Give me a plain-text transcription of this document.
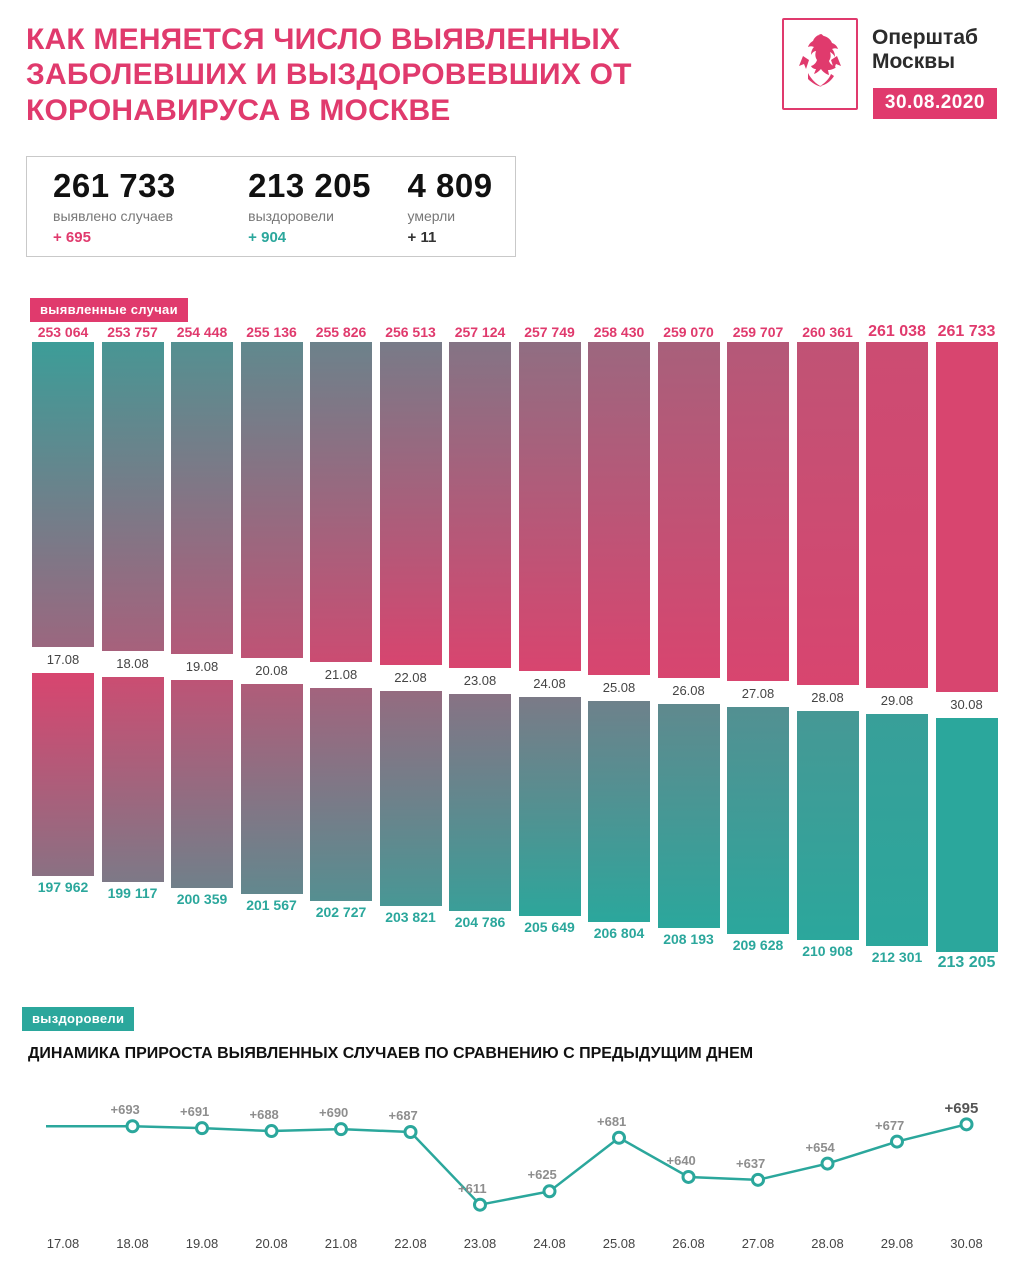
КАК МЕНЯЕТСЯ ЧИСЛО ВЫЯВЛЕННЫХ ЗАБОЛЕВШИХ И ВЫЗДОРОВЕВШИХ ОТ КОРОНАВИРУСА В МОСКВЕ
Оперштаб Москвы
30.08.2020
261 733
выявлено случаев
+ 695
213 205
выздоровели
+ 904
4 809
умерли
+ 11
выявленные случаи
выздоровели
253 064
17.08
197 962
253 757
18.08
199 117
254 448
19.08
200 359
255 136
20.08
201 567
255 826
21.08
202 727
256 513
22.08
203 821
257 124
23.08
204 786
257 749
24.08
205 649
258 430
25.08
206 804
259 070
26.08
208 193
259 707
27.08
209 628
260 361
28.08
210 908
261 038
29.08
212 301
261 733
30.08
213 205
ДИНАМИКА ПРИРОСТА ВЫЯВЛЕННЫХ СЛУЧАЕВ ПО СРАВНЕНИЮ С ПРЕДЫДУЩИМ ДНЕМ
+693	+691	+688	+690	+687
+611
+625
+681
+640	+637
+654
+677
+695
17.08	18.08	19.08	20.08	21.08	22.08	23.08	24.08	25.08	26.08	27.08	28.08	29.08	30.08
